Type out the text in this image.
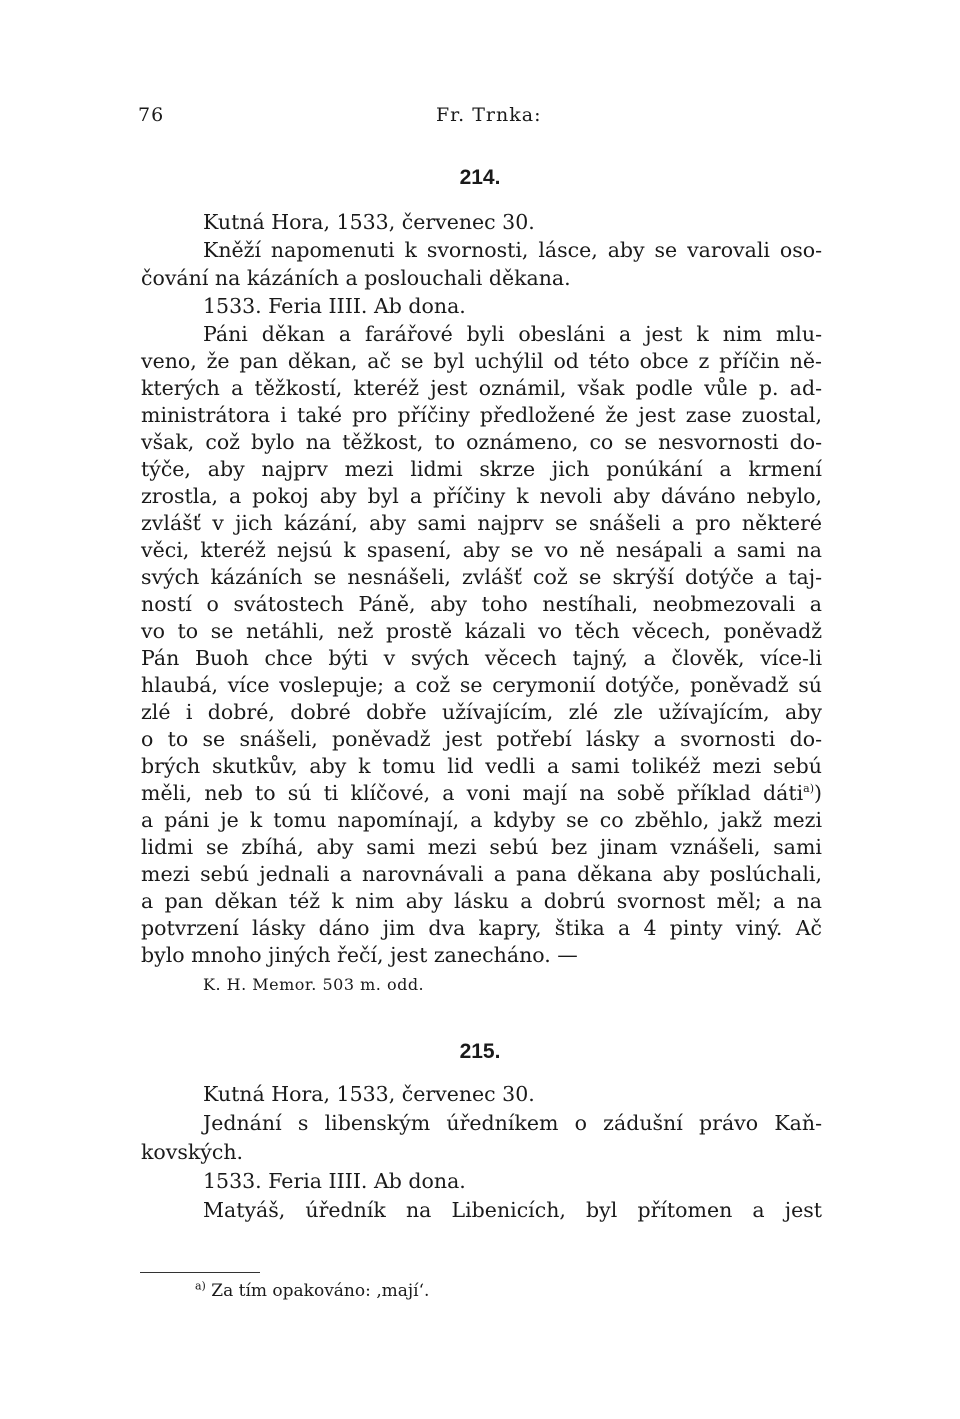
76	Fr. Trnka:
214.
Kutná Hora, 1533, červenec 30.
Kněží napomenuti k svornosti, lásce, aby se varovali oso-
čování na kázáních a poslouchali děkana.
1533. Feria IIII. Ab dona.
Páni děkan a farářové byli obesláni a jest k nim mlu-
veno, že pan děkan, ač se byl uchýlil od této obce z příčin ně-
kterých a těžkostí, kteréž jest oznámil, však podle vůle p. ad-
ministrátora i také pro příčiny předložené že jest zase zuostal,
však, což bylo na těžkost, to oznámeno, co se nesvornosti do-
týče, aby najprv mezi lidmi skrze jich ponúkání a krmení
zrostla, a pokoj aby byl a příčiny k nevoli aby dáváno nebylo,
zvlášť v jich kázání, aby sami najprv se snášeli a pro některé
věci, kteréž nejsú k spasení, aby se vo ně nesápali a sami na
svých kázáních se nesnášeli, zvlášť což se skrýší dotýče a taj-
ností o svátostech Páně, aby toho nestíhali, neobmezovali a
vo to se netáhli, než prostě kázali vo těch věcech, poněvadž
Pán Buoh chce býti v svých věcech tajný, a člověk, více-li
hlaubá, více voslepuje; a což se cerymonií dotýče, poněvadž sú
zlé i dobré, dobré dobře užívajícím, zlé zle užívajícím, aby
o to se snášeli, poněvadž jest potřebí lásky a svornosti do-
brých skutkův, aby k tomu lid vedli a sami tolikéž mezi sebú
měli, neb to sú ti klíčové, a voni mají na sobě příklad dáti$^{a)}$)
a páni je k tomu napomínají, a kdyby se co zběhlo, jakž mezi
lidmi se zbíhá, aby sami mezi sebú bez jinam vznášeli, sami
mezi sebú jednali a narovnávali a pana děkana aby poslúchali,
a pan děkan též k nim aby lásku a dobrú svornost měl; a na
potvrzení lásky dáno jim dva kapry, štika a 4 pinty viný. Ač
bylo mnoho jiných řečí, jest zanecháno. —
K. H. Memor. 503 m. odd.
215.
Kutná Hora, 1533, červenec 30.
Jednání s libenským úředníkem o zádušní právo Kaň-
kovských.
1533. Feria IIII. Ab dona.
Matyáš, úředník na Libenicích, byl přítomen a jest
$^{a)}$ Za tím opakováno: ‚mají‘.
